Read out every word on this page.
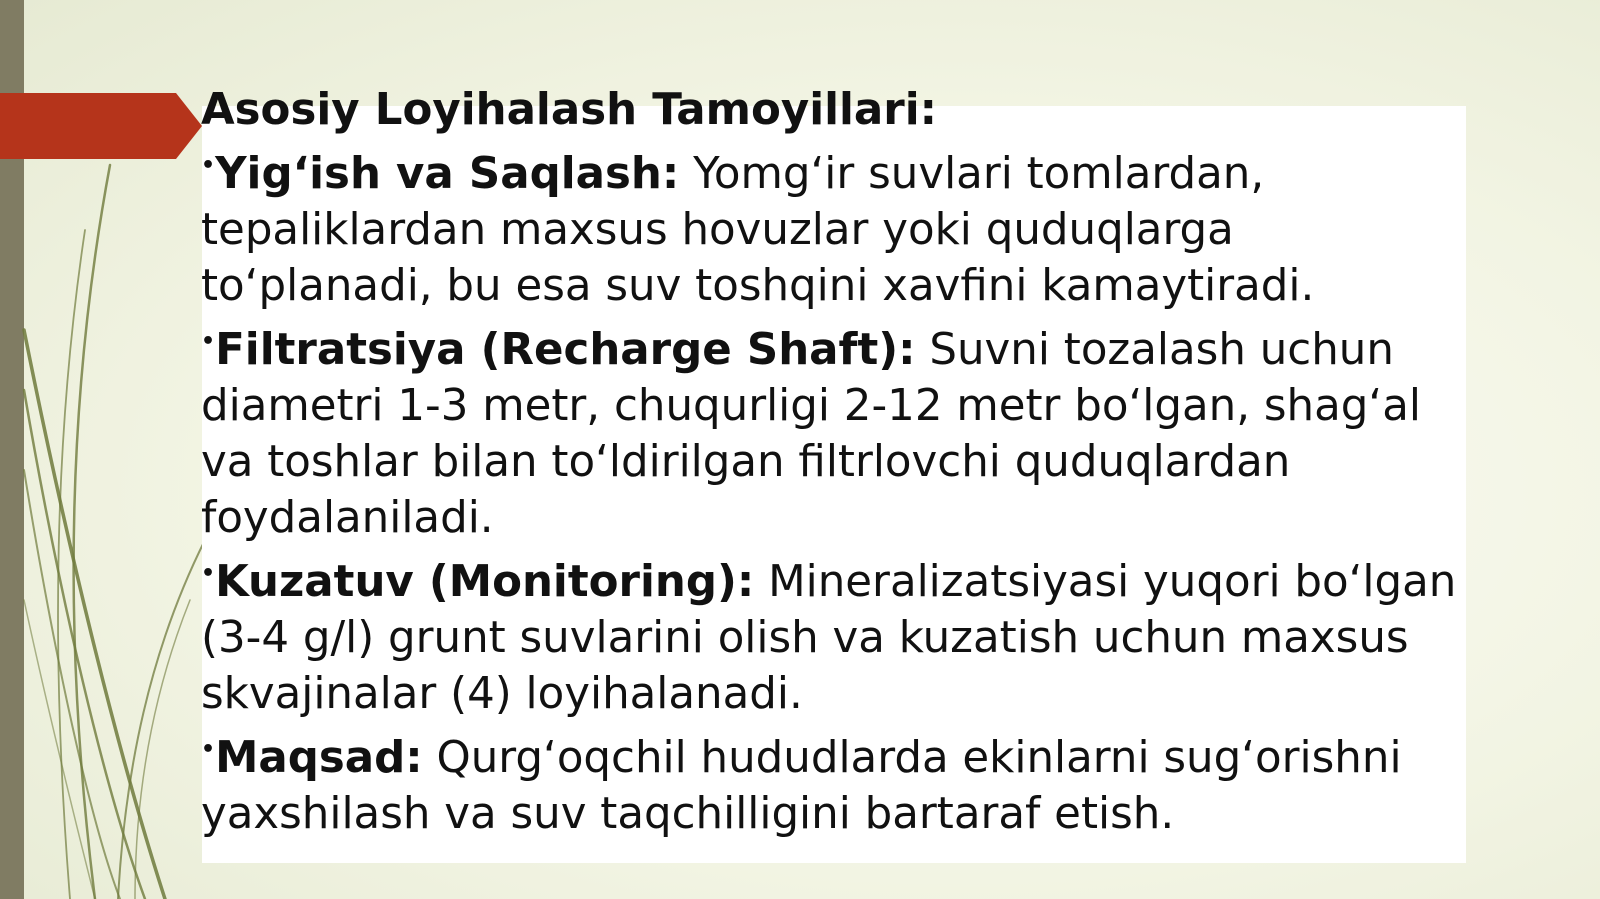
Asosiy Loyihalash Tamoyillari:

•Yig‘ish va Saqlash: Yomg‘ir suvlari tomlardan, tepaliklardan maxsus hovuzlar yoki quduqlarga to‘planadi, bu esa suv toshqini xavfini kamaytiradi.

•Filtratsiya (Recharge Shaft): Suvni tozalash uchun diametri 1-3 metr, chuqurligi 2-12 metr bo‘lgan, shag‘al va toshlar bilan to‘ldirilgan filtrlovchi quduqlardan foydalaniladi.

•Kuzatuv (Monitoring): Mineralizatsiyasi yuqori bo‘lgan (3-4 g/l) grunt suvlarini olish va kuzatish uchun maxsus skvajinalar (4) loyihalanadi.

•Maqsad: Qurg‘oqchil hududlarda ekinlarni sug‘orishni yaxshilash va suv taqchilligini bartaraf etish.
